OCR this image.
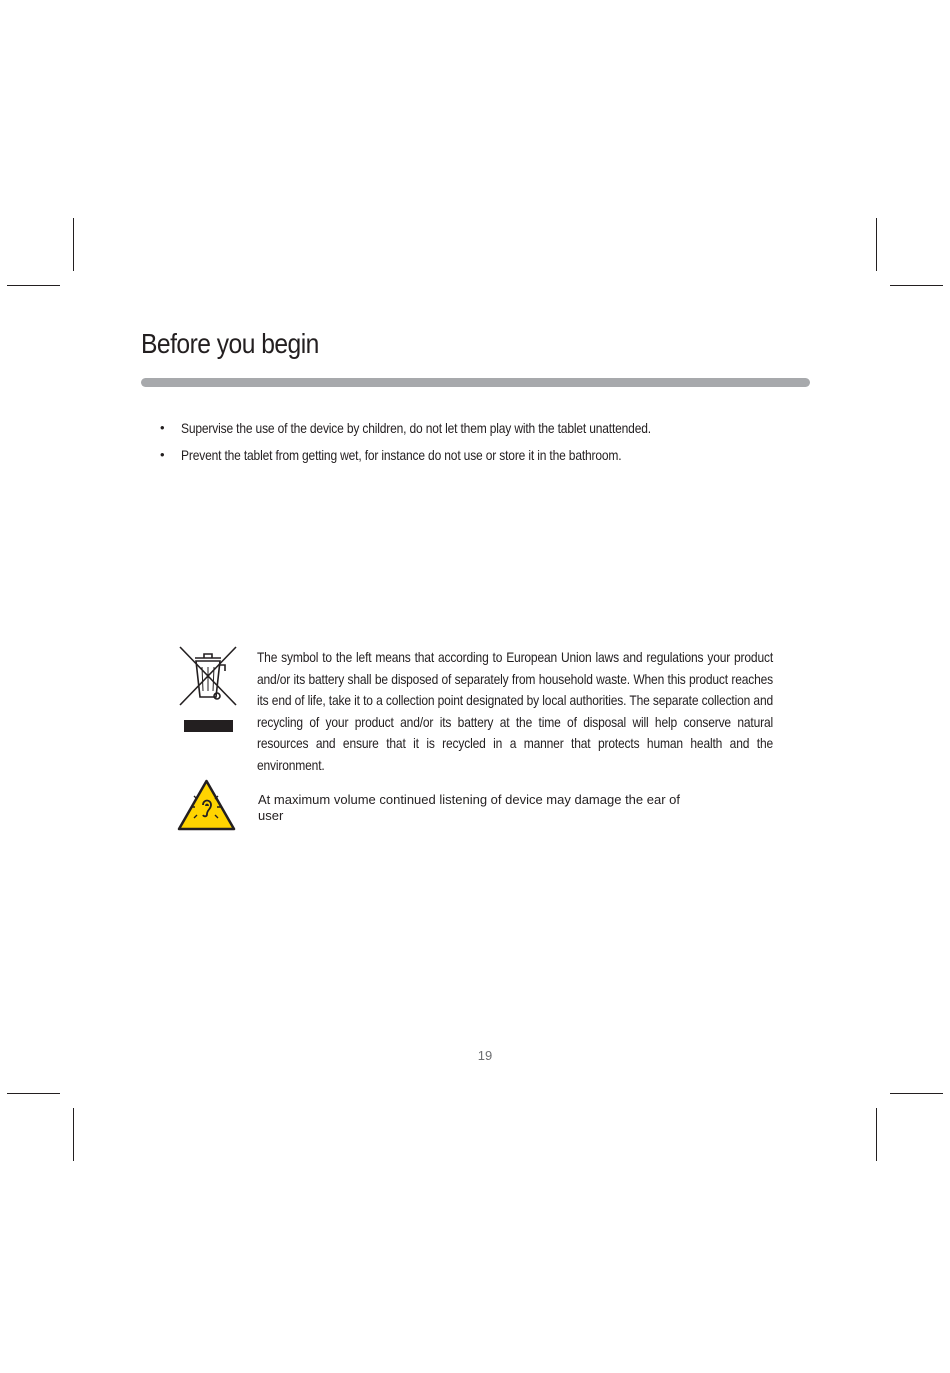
Before you begin
• Supervise the use of the device by children, do not let them play with the tablet unattended.
• Prevent the tablet from getting wet, for instance do not use or store it in the bathroom.
The symbol to the left means that according to European Union laws and regulations your product and/or its battery shall be disposed of separately from household waste. When this product reaches its end of life, take it to a collection point designated by local authorities. The separate collection and recycling of your product and/or its battery at the time of disposal will help conserve natural resources and ensure that it is recycled in a manner that protects human health and the environment.
At maximum volume continued listening of device may damage the ear of
user
19
